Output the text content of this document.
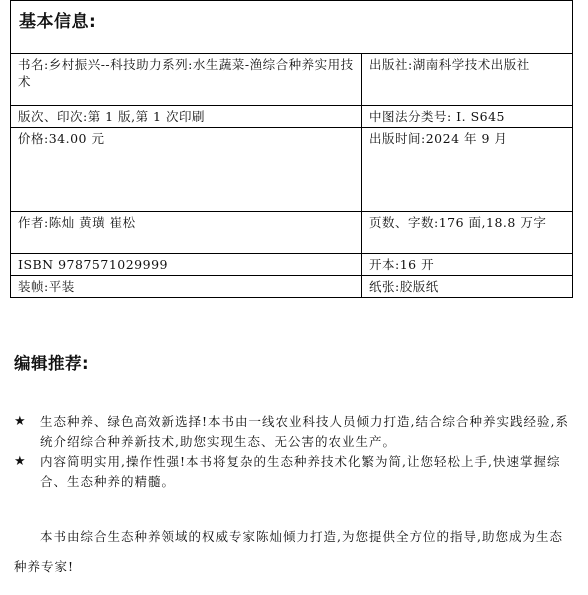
基本信息:	
书名:乡村振兴--科技助力系列:水生蔬菜-渔综合种养实用技术	出版社:湖南科学技术出版社
版次、印次:第 1 版,第 1 次印刷	中图法分类号: I. S645
价格:34.00 元	出版时间:2024 年 9 月
作者:陈灿 黄璜 崔松	页数、字数:176 面,18.8 万字
ISBN 9787571029999	开本:16 开
装帧:平装	纸张:胶版纸
编辑推荐:
★	生态种养、绿色高效新选择!本书由一线农业科技人员倾力打造,结合综合种养实践经验,系统介绍综合种养新技术,助您实现生态、无公害的农业生产。
★	内容简明实用,操作性强!本书将复杂的生态种养技术化繁为简,让您轻松上手,快速掌握综合、生态种养的精髓。
本书由综合生态种养领域的权威专家陈灿倾力打造,为您提供全方位的指导,助您成为生态种养专家!
